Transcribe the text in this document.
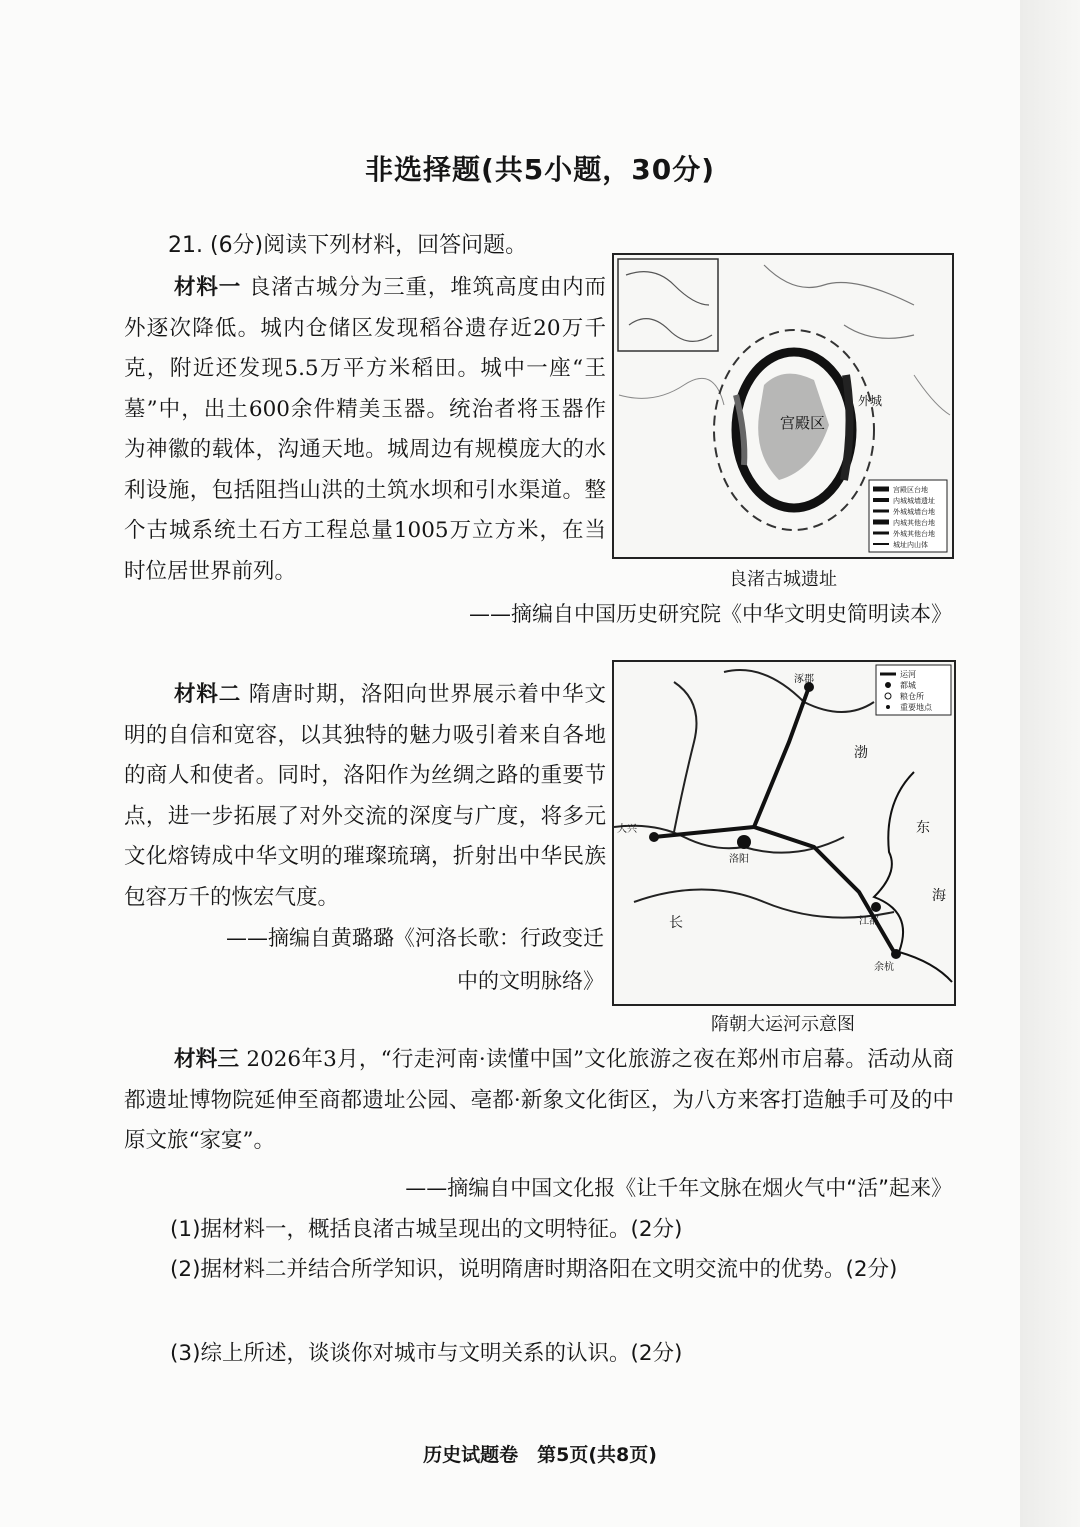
非选择题(共5小题，30分)
21. (6分)阅读下列材料，回答问题。
材料一 良渚古城分为三重，堆筑高度由内而外逐次降低。城内仓储区发现稻谷遗存近20万千克，附近还发现5.5万平方米稻田。城中一座“王墓”中，出土600余件精美玉器。统治者将玉器作为神徽的载体，沟通天地。城周边有规模庞大的水利设施，包括阻挡山洪的土筑水坝和引水渠道。整个古城系统土石方工程总量1005万立方米，在当时位居世界前列。
宫殿区
外城
宫殿区台地
内城城墙遗址
外城城墙台地
内城其他台地
外城其他台地
城址内山体
良渚古城遗址
——摘编自中国历史研究院《中华文明史简明读本》
材料二 隋唐时期，洛阳向世界展示着中华文明的自信和宽容，以其独特的魅力吸引着来自各地的商人和使者。同时，洛阳作为丝绸之路的重要节点，进一步拓展了对外交流的深度与广度，将多元文化熔铸成中华文明的璀璨琉璃，折射出中华民族包容万千的恢宏气度。
——摘编自黄璐璐《河洛长歌：行政变迁
中的文明脉络》
运河
都城
粮仓所
重要地点
涿郡
大兴
洛阳
江都
余杭
东
海
渤
长
隋朝大运河示意图
材料三 2026年3月，“行走河南·读懂中国”文化旅游之夜在郑州市启幕。活动从商都遗址博物院延伸至商都遗址公园、亳都·新象文化街区，为八方来客打造触手可及的中原文旅“家宴”。
——摘编自中国文化报《让千年文脉在烟火气中“活”起来》
(1)据材料一，概括良渚古城呈现出的文明特征。(2分)
(2)据材料二并结合所学知识，说明隋唐时期洛阳在文明交流中的优势。(2分)
(3)综上所述，谈谈你对城市与文明关系的认识。(2分)
历史试题卷　第5页(共8页)
